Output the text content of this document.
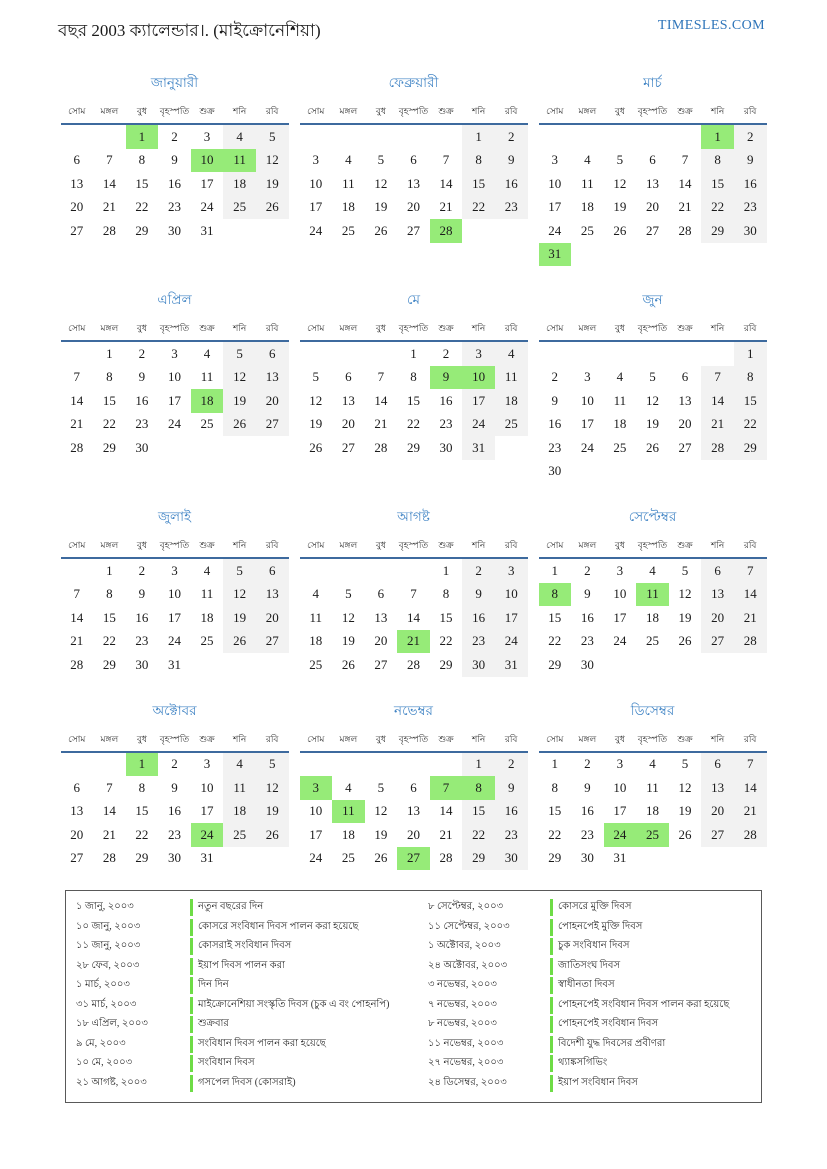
বছর 2003 ক্যালেন্ডার।. (মাইক্রোনেশিয়া)	TIMESLES.COM
জানুয়ারী
সোম	মঙ্গল	বুধ	বৃহস্পতি	শুক্র	শনি	রবি
		1	2	3	4	5
6	7	8	9	10	11	12
13	14	15	16	17	18	19
20	21	22	23	24	25	26
27	28	29	30	31		
ফেব্রুয়ারী
সোম	মঙ্গল	বুধ	বৃহস্পতি	শুক্র	শনি	রবি
					1	2
3	4	5	6	7	8	9
10	11	12	13	14	15	16
17	18	19	20	21	22	23
24	25	26	27	28		
মার্চ
সোম	মঙ্গল	বুধ	বৃহস্পতি	শুক্র	শনি	রবি
					1	2
3	4	5	6	7	8	9
10	11	12	13	14	15	16
17	18	19	20	21	22	23
24	25	26	27	28	29	30
31						
এপ্রিল
সোম	মঙ্গল	বুধ	বৃহস্পতি	শুক্র	শনি	রবি
	1	2	3	4	5	6
7	8	9	10	11	12	13
14	15	16	17	18	19	20
21	22	23	24	25	26	27
28	29	30				
মে
সোম	মঙ্গল	বুধ	বৃহস্পতি	শুক্র	শনি	রবি
			1	2	3	4
5	6	7	8	9	10	11
12	13	14	15	16	17	18
19	20	21	22	23	24	25
26	27	28	29	30	31	
জুন
সোম	মঙ্গল	বুধ	বৃহস্পতি	শুক্র	শনি	রবি
						1
2	3	4	5	6	7	8
9	10	11	12	13	14	15
16	17	18	19	20	21	22
23	24	25	26	27	28	29
30						
জুলাই
সোম	মঙ্গল	বুধ	বৃহস্পতি	শুক্র	শনি	রবি
	1	2	3	4	5	6
7	8	9	10	11	12	13
14	15	16	17	18	19	20
21	22	23	24	25	26	27
28	29	30	31			
আগষ্ট
সোম	মঙ্গল	বুধ	বৃহস্পতি	শুক্র	শনি	রবি
				1	2	3
4	5	6	7	8	9	10
11	12	13	14	15	16	17
18	19	20	21	22	23	24
25	26	27	28	29	30	31
সেপ্টেম্বর
সোম	মঙ্গল	বুধ	বৃহস্পতি	শুক্র	শনি	রবি
1	2	3	4	5	6	7
8	9	10	11	12	13	14
15	16	17	18	19	20	21
22	23	24	25	26	27	28
29	30					
অক্টোবর
সোম	মঙ্গল	বুধ	বৃহস্পতি	শুক্র	শনি	রবি
		1	2	3	4	5
6	7	8	9	10	11	12
13	14	15	16	17	18	19
20	21	22	23	24	25	26
27	28	29	30	31		
নভেম্বর
সোম	মঙ্গল	বুধ	বৃহস্পতি	শুক্র	শনি	রবি
					1	2
3	4	5	6	7	8	9
10	11	12	13	14	15	16
17	18	19	20	21	22	23
24	25	26	27	28	29	30
ডিসেম্বর
সোম	মঙ্গল	বুধ	বৃহস্পতি	শুক্র	শনি	রবি
1	2	3	4	5	6	7
8	9	10	11	12	13	14
15	16	17	18	19	20	21
22	23	24	25	26	27	28
29	30	31				
১ জানু, ২০০৩	নতুন বছরের দিন	৮ সেপ্টেম্বর, ২০০৩	কোসরে মুক্তি দিবস
১০ জানু, ২০০৩	কোসরে সংবিধান দিবস পালন করা হয়েছে	১১ সেপ্টেম্বর, ২০০৩	পোহনপেই মুক্তি দিবস
১১ জানু, ২০০৩	কোসরাই সংবিধান দিবস	১ অক্টোবর, ২০০৩	চুক সংবিধান দিবস
২৮ ফেব, ২০০৩	ইয়াপ দিবস পালন করা	২৪ অক্টোবর, ২০০৩	জাতিসংঘ দিবস
১ মার্চ, ২০০৩	দিন দিন	৩ নভেম্বর, ২০০৩	স্বাধীনতা দিবস
৩১ মার্চ, ২০০৩	মাইক্রোনেশিয়া সংস্কৃতি দিবস (চুক এ বং পোহনপি)	৭ নভেম্বর, ২০০৩	পোহনপেই সংবিধান দিবস পালন করা হয়েছে
১৮ এপ্রিল, ২০০৩	শুক্রবার	৮ নভেম্বর, ২০০৩	পোহনপেই সংবিধান দিবস
৯ মে, ২০০৩	সংবিধান দিবস পালন করা হয়েছে	১১ নভেম্বর, ২০০৩	বিদেশী যুদ্ধ দিবসের প্রবীণরা
১০ মে, ২০০৩	সংবিধান দিবস	২৭ নভেম্বর, ২০০৩	থ্যাঙ্কসগিভিং
২১ আগষ্ট, ২০০৩	গসপেল দিবস (কোসরাই)	২৪ ডিসেম্বর, ২০০৩	ইয়াপ সংবিধান দিবস
